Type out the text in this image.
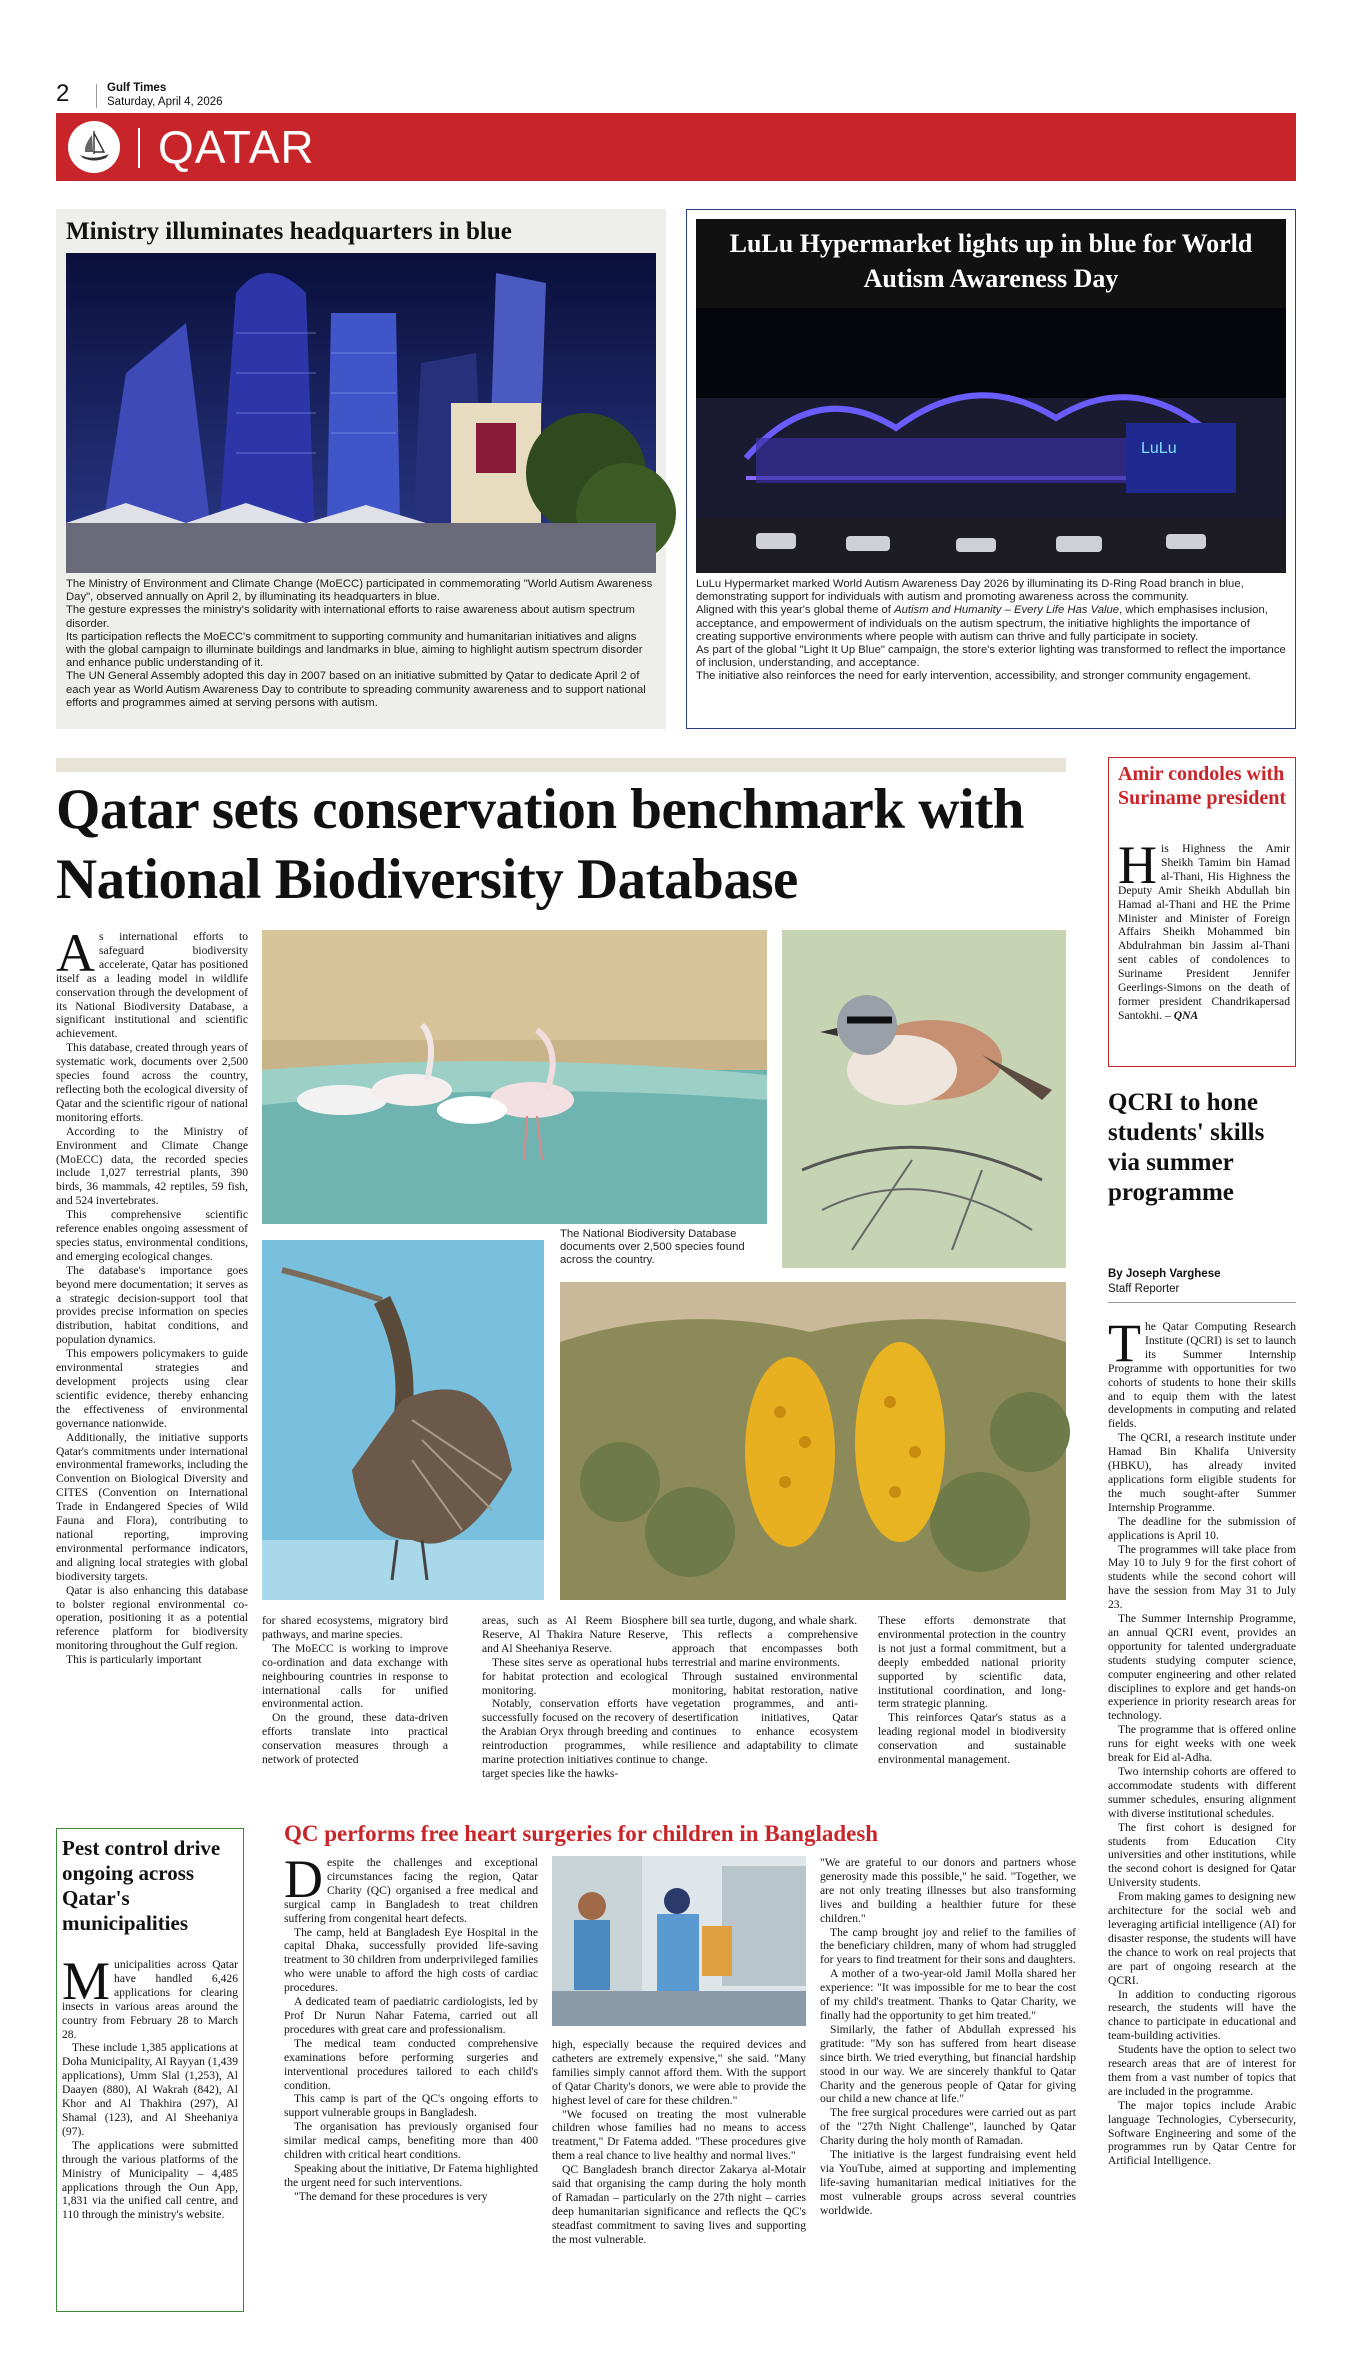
2	Gulf Times
Saturday, April 4, 2026
QATAR
Ministry illuminates headquarters in blue
The Ministry of Environment and Climate Change (MoECC) participated in commemorating "World Autism Awareness Day", observed annually on April 2, by illuminating its headquarters in blue.
The gesture expresses the ministry's solidarity with international efforts to raise awareness about autism spectrum disorder.
Its participation reflects the MoECC's commitment to supporting community and humanitarian initiatives and aligns with the global campaign to illuminate buildings and landmarks in blue, aiming to highlight autism spectrum disorder and enhance public understanding of it.
The UN General Assembly adopted this day in 2007 based on an initiative submitted by Qatar to dedicate April 2 of each year as World Autism Awareness Day to contribute to spreading community awareness and to support national efforts and programmes aimed at serving persons with autism.
LuLu Hypermarket lights up in blue for World Autism Awareness Day
LuLu
LuLu Hypermarket marked World Autism Awareness Day 2026 by illuminating its D-Ring Road branch in blue, demonstrating support for individuals with autism and promoting awareness across the community.
Aligned with this year's global theme of Autism and Humanity – Every Life Has Value, which emphasises inclusion, acceptance, and empowerment of individuals on the autism spectrum, the initiative highlights the importance of creating supportive environments where people with autism can thrive and fully participate in society.
As part of the global "Light It Up Blue" campaign, the store's exterior lighting was transformed to reflect the importance of inclusion, understanding, and acceptance.
The initiative also reinforces the need for early intervention, accessibility, and stronger community engagement.
Qatar sets conservation benchmark with National Biodiversity Database

As international efforts to safeguard biodiversity accelerate, Qatar has positioned itself as a leading model in wildlife conservation through the development of its National Biodiversity Database, a significant institutional and scientific achievement.

This database, created through years of systematic work, documents over 2,500 species found across the country, reflecting both the ecological diversity of Qatar and the scientific rigour of national monitoring efforts.

According to the Ministry of Environment and Climate Change (MoECC) data, the recorded species include 1,027 terrestrial plants, 390 birds, 36 mammals, 42 reptiles, 59 fish, and 524 invertebrates.

This comprehensive scientific reference enables ongoing assessment of species status, environmental conditions, and emerging ecological changes.

The database's importance goes beyond mere documentation; it serves as a strategic decision-support tool that provides precise information on species distribution, habitat conditions, and population dynamics.

This empowers policymakers to guide environmental strategies and development projects using clear scientific evidence, thereby enhancing the effectiveness of environmental governance nationwide.

Additionally, the initiative supports Qatar's commitments under international environmental frameworks, including the Convention on Biological Diversity and CITES (Convention on International Trade in Endangered Species of Wild Fauna and Flora), contributing to national reporting, improving environmental performance indicators, and aligning local strategies with global biodiversity targets.

Qatar is also enhancing this database to bolster regional environmental co-operation, positioning it as a potential reference platform for biodiversity monitoring throughout the Gulf region.

This is particularly important

The National Biodiversity Database documents over 2,500 species found across the country.

for shared ecosystems, migratory bird pathways, and marine species.

The MoECC is working to improve co-ordination and data exchange with neighbouring countries in response to international calls for unified environmental action.

On the ground, these data-driven efforts translate into practical conservation measures through a network of protected

areas, such as Al Reem Biosphere Reserve, Al Thakira Nature Reserve, and Al Sheehaniya Reserve.

These sites serve as operational hubs for habitat protection and ecological monitoring.

Notably, conservation efforts have successfully focused on the recovery of the Arabian Oryx through breeding and reintroduction programmes, while marine protection initiatives continue to target species like the hawks-

bill sea turtle, dugong, and whale shark.

This reflects a comprehensive approach that encompasses both terrestrial and marine environments.

Through sustained environmental monitoring, habitat restoration, native vegetation programmes, and anti-desertification initiatives, Qatar continues to enhance ecosystem resilience and adaptability to climate change.

These efforts demonstrate that environmental protection in the country is not just a formal commitment, but a deeply embedded national priority supported by scientific data, institutional coordination, and long-term strategic planning.

This reinforces Qatar's status as a leading regional model in biodiversity conservation and sustainable environmental management.

Amir condoles with Suriname president

His Highness the Amir Sheikh Tamim bin Hamad al-Thani, His Highness the Deputy Amir Sheikh Abdullah bin Hamad al-Thani and HE the Prime Minister and Minister of Foreign Affairs Sheikh Mohammed bin Abdulrahman bin Jassim al-Thani sent cables of condolences to Suriname President Jennifer Geerlings-Simons on the death of former president Chandrikapersad Santokhi. – QNA

QCRI to hone students' skills via summer programme
By Joseph Varghese
Staff Reporter

The Qatar Computing Research Institute (QCRI) is set to launch its Summer Internship Programme with opportunities for two cohorts of students to hone their skills and to equip them with the latest developments in computing and related fields.

The QCRI, a research institute under Hamad Bin Khalifa University (HBKU), has already invited applications form eligible students for the much sought-after Summer Internship Programme.

The deadline for the submission of applications is April 10.

The programmes will take place from May 10 to July 9 for the first cohort of students while the second cohort will have the session from May 31 to July 23.

The Summer Internship Programme, an annual QCRI event, provides an opportunity for talented undergraduate students studying computer science, computer engineering and other related disciplines to explore and get hands-on experience in priority research areas for technology.

The programme that is offered online runs for eight weeks with one week break for Eid al-Adha.

Two internship cohorts are offered to accommodate students with different summer schedules, ensuring alignment with diverse institutional schedules.

The first cohort is designed for students from Education City universities and other institutions, while the second cohort is designed for Qatar University students.

From making games to designing new architecture for the social web and leveraging artificial intelligence (AI) for disaster response, the students will have the chance to work on real projects that are part of ongoing research at the QCRI.

In addition to conducting rigorous research, the students will have the chance to participate in educational and team-building activities.

Students have the option to select two research areas that are of interest for them from a vast number of topics that are included in the programme.

The major topics include Arabic language Technologies, Cybersecurity, Software Engineering and some of the programmes run by Qatar Centre for Artificial Intelligence.

Pest control drive ongoing across Qatar's municipalities

Municipalities across Qatar have handled 6,426 applications for clearing insects in various areas around the country from February 28 to March 28.

These include 1,385 applications at Doha Municipality, Al Rayyan (1,439 applications), Umm Slal (1,253), Al Daayen (880), Al Wakrah (842), Al Khor and Al Thakhira (297), Al Shamal (123), and Al Sheehaniya (97).

The applications were submitted through the various platforms of the Ministry of Municipality – 4,485 applications through the Oun App, 1,831 via the unified call centre, and 110 through the ministry's website.

QC performs free heart surgeries for children in Bangladesh

Despite the challenges and exceptional circumstances facing the region, Qatar Charity (QC) organised a free medical and surgical camp in Bangladesh to treat children suffering from congenital heart defects.

The camp, held at Bangladesh Eye Hospital in the capital Dhaka, successfully provided life-saving treatment to 30 children from underprivileged families who were unable to afford the high costs of cardiac procedures.

A dedicated team of paediatric cardiologists, led by Prof Dr Nurun Nahar Fatema, carried out all procedures with great care and professionalism.

The medical team conducted comprehensive examinations before performing surgeries and interventional procedures tailored to each child's condition.

This camp is part of the QC's ongoing efforts to support vulnerable groups in Bangladesh.

The organisation has previously organised four similar medical camps, benefiting more than 400 children with critical heart conditions.

Speaking about the initiative, Dr Fatema highlighted the urgent need for such interventions.

"The demand for these procedures is very

high, especially because the required devices and catheters are extremely expensive," she said. "Many families simply cannot afford them. With the support of Qatar Charity's donors, we were able to provide the highest level of care for these children."

"We focused on treating the most vulnerable children whose families had no means to access treatment," Dr Fatema added. "These procedures give them a real chance to live healthy and normal lives."

QC Bangladesh branch director Zakarya al-Motair said that organising the camp during the holy month of Ramadan – particularly on the 27th night – carries deep humanitarian significance and reflects the QC's steadfast commitment to saving lives and supporting the most vulnerable.

"We are grateful to our donors and partners whose generosity made this possible," he said. "Together, we are not only treating illnesses but also transforming lives and building a healthier future for these children."

The camp brought joy and relief to the families of the beneficiary children, many of whom had struggled for years to find treatment for their sons and daughters.

A mother of a two-year-old Jamil Molla shared her experience: "It was impossible for me to bear the cost of my child's treatment. Thanks to Qatar Charity, we finally had the opportunity to get him treated."

Similarly, the father of Abdullah expressed his gratitude: "My son has suffered from heart disease since birth. We tried everything, but financial hardship stood in our way. We are sincerely thankful to Qatar Charity and the generous people of Qatar for giving our child a new chance at life."

The free surgical procedures were carried out as part of the "27th Night Challenge", launched by Qatar Charity during the holy month of Ramadan.

The initiative is the largest fundraising event held via YouTube, aimed at supporting and implementing life-saving humanitarian medical initiatives for the most vulnerable groups across several countries worldwide.
